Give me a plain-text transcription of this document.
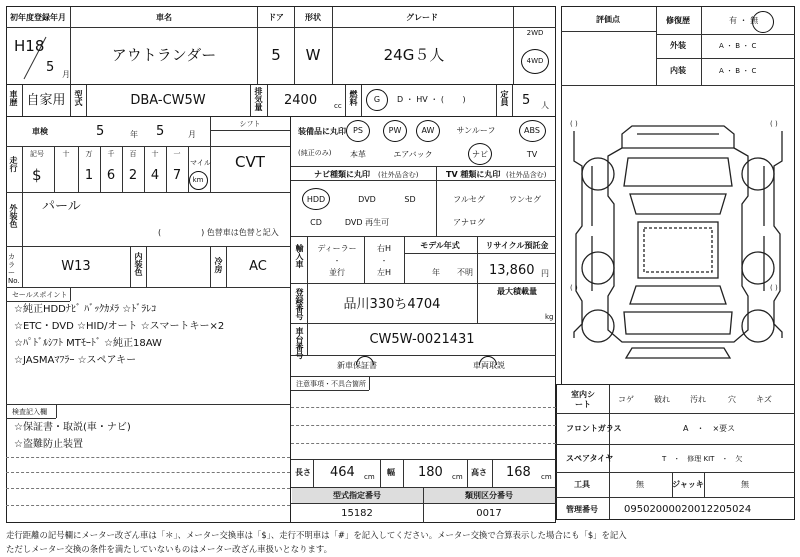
初年度登録年月	車名	ドア	形状	グレード
H18
5 月
アウトランダー	5 W	24G５人
2WD
4WD
車歴 自家用 型式	DBA-CW5W	排気量 2400 cc 燃料 G D ・ HV ・ (　　 )	定員 5 人
車検	5	年 5	月
シフト
CVT
走行
記号
$
十 万 千 百 十 一
1 6 2 4 7
マイル
km
外装色 パール
(　　　　　) 色替車は色替と記入
カラーNo.
W13	内装色	冷房 AC
セールスポイント
☆純正HDDﾅﾋﾞ ﾊﾞｯｸｶﾒﾗ ☆ﾄﾞﾗﾚｺ
☆ETC・DVD ☆HID/オート ☆スマートキー×2
☆ﾊﾟﾄﾞﾙｼﾌﾄ MTﾓｰﾄﾞ ☆純正18AW
☆JASMAﾏﾌﾗｰ ☆スペアキー
検査記入欄
☆保証書・取説(車・ナビ)
☆盗難防止装置
装備品に丸印
(純正のみ)
PS	PW	AW	サンルーフ	ABS
本革	エアバック	ナビ	TV
ナビ種類に丸印 (社外品含む)	TV 種類に丸印 (社外品含む)
HDD	DVD	SD
CD	DVD 再生可
フルセグ	ワンセグ
アナログ
輸入車 ディーラー
・
並行
右H
・
左H
モデル年式
年 不明
リサイクル預託金
13,860 円
登録番号	品川330ち4704
最大積載量
kg
車台番号	CW5W-0021431
新車保証書	車両取説
注意事項・不具合箇所
長さ 464 cm 幅 180 cm 高さ 168 cm
型式指定番号	類別区分番号
15182	0017
評価点	修復歴	有 ・ 無
外装	A ・ B ・ C
内装	A ・ B ・ C
( )	( )
( )	( )
室内シート
コゲ	破れ	汚れ	穴	キズ
フロントガラス	A　・　×要ス
スペアタイヤ	T　・　修理 KIT　・　欠
工具	無	ジャッキ	無
管理番号	09502000020012205024
走行距離の記号欄にメーター改ざん車は「＊」、メーター交換車は「$」、走行不明車は「#」を記入してください。メーター交換で合算表示した場合にも「$」を記入
ただしメーター交換の条件を満たしていないものはメーター改ざん車扱いとなります。
